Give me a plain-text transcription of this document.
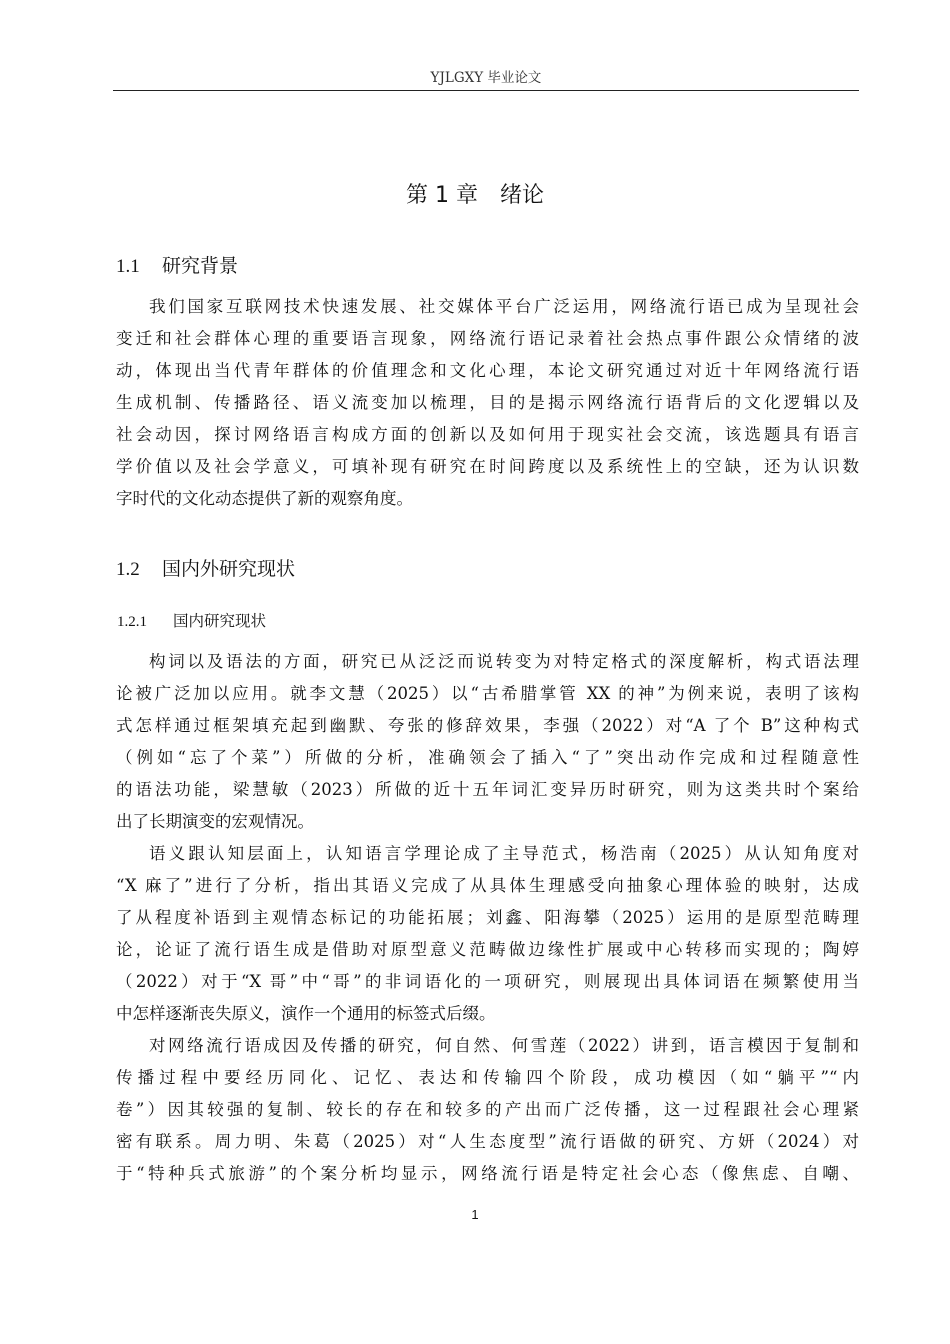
YJLGXY 毕业论文
第 1 章 绪论
1.1 研究背景
我们国家互联网技术快速发展、社交媒体平台广泛运用，网络流行语已成为呈现社会
变迁和社会群体心理的重要语言现象，网络流行语记录着社会热点事件跟公众情绪的波
动，体现出当代青年群体的价值理念和文化心理，本论文研究通过对近十年网络流行语
生成机制、传播路径、语义流变加以梳理，目的是揭示网络流行语背后的文化逻辑以及
社会动因，探讨网络语言构成方面的创新以及如何用于现实社会交流，该选题具有语言
学价值以及社会学意义，可填补现有研究在时间跨度以及系统性上的空缺，还为认识数
字时代的文化动态提供了新的观察角度。
1.2 国内外研究现状
1.2.1 国内研究现状
构词以及语法的方面，研究已从泛泛而说转变为对特定格式的深度解析，构式语法理
论被广泛加以应用。就李文慧（2025）以“古希腊掌管 XX 的神”为例来说，表明了该构
式怎样通过框架填充起到幽默、夸张的修辞效果，李强（2022）对“A 了个 B”这种构式
（例如“忘了个菜”）所做的分析，准确领会了插入“了”突出动作完成和过程随意性
的语法功能，梁慧敏（2023）所做的近十五年词汇变异历时研究，则为这类共时个案给
出了长期演变的宏观情况。
语义跟认知层面上，认知语言学理论成了主导范式，杨浩南（2025）从认知角度对
“X 麻了”进行了分析，指出其语义完成了从具体生理感受向抽象心理体验的映射，达成
了从程度补语到主观情态标记的功能拓展；刘鑫、阳海攀（2025）运用的是原型范畴理
论，论证了流行语生成是借助对原型意义范畴做边缘性扩展或中心转移而实现的；陶婷
（2022）对于“X 哥”中“哥”的非词语化的一项研究，则展现出具体词语在频繁使用当
中怎样逐渐丧失原义，演作一个通用的标签式后缀。
对网络流行语成因及传播的研究，何自然、何雪莲（2022）讲到，语言模因于复制和
传播过程中要经历同化、记忆、表达和传输四个阶段，成功模因（如“躺平”“内
卷”）因其较强的复制、较长的存在和较多的产出而广泛传播，这一过程跟社会心理紧
密有联系。周力明、朱葛（2025）对“人生态度型”流行语做的研究、方妍（2024）对
于“特种兵式旅游”的个案分析均显示，网络流行语是特定社会心态（像焦虑、自嘲、
1
